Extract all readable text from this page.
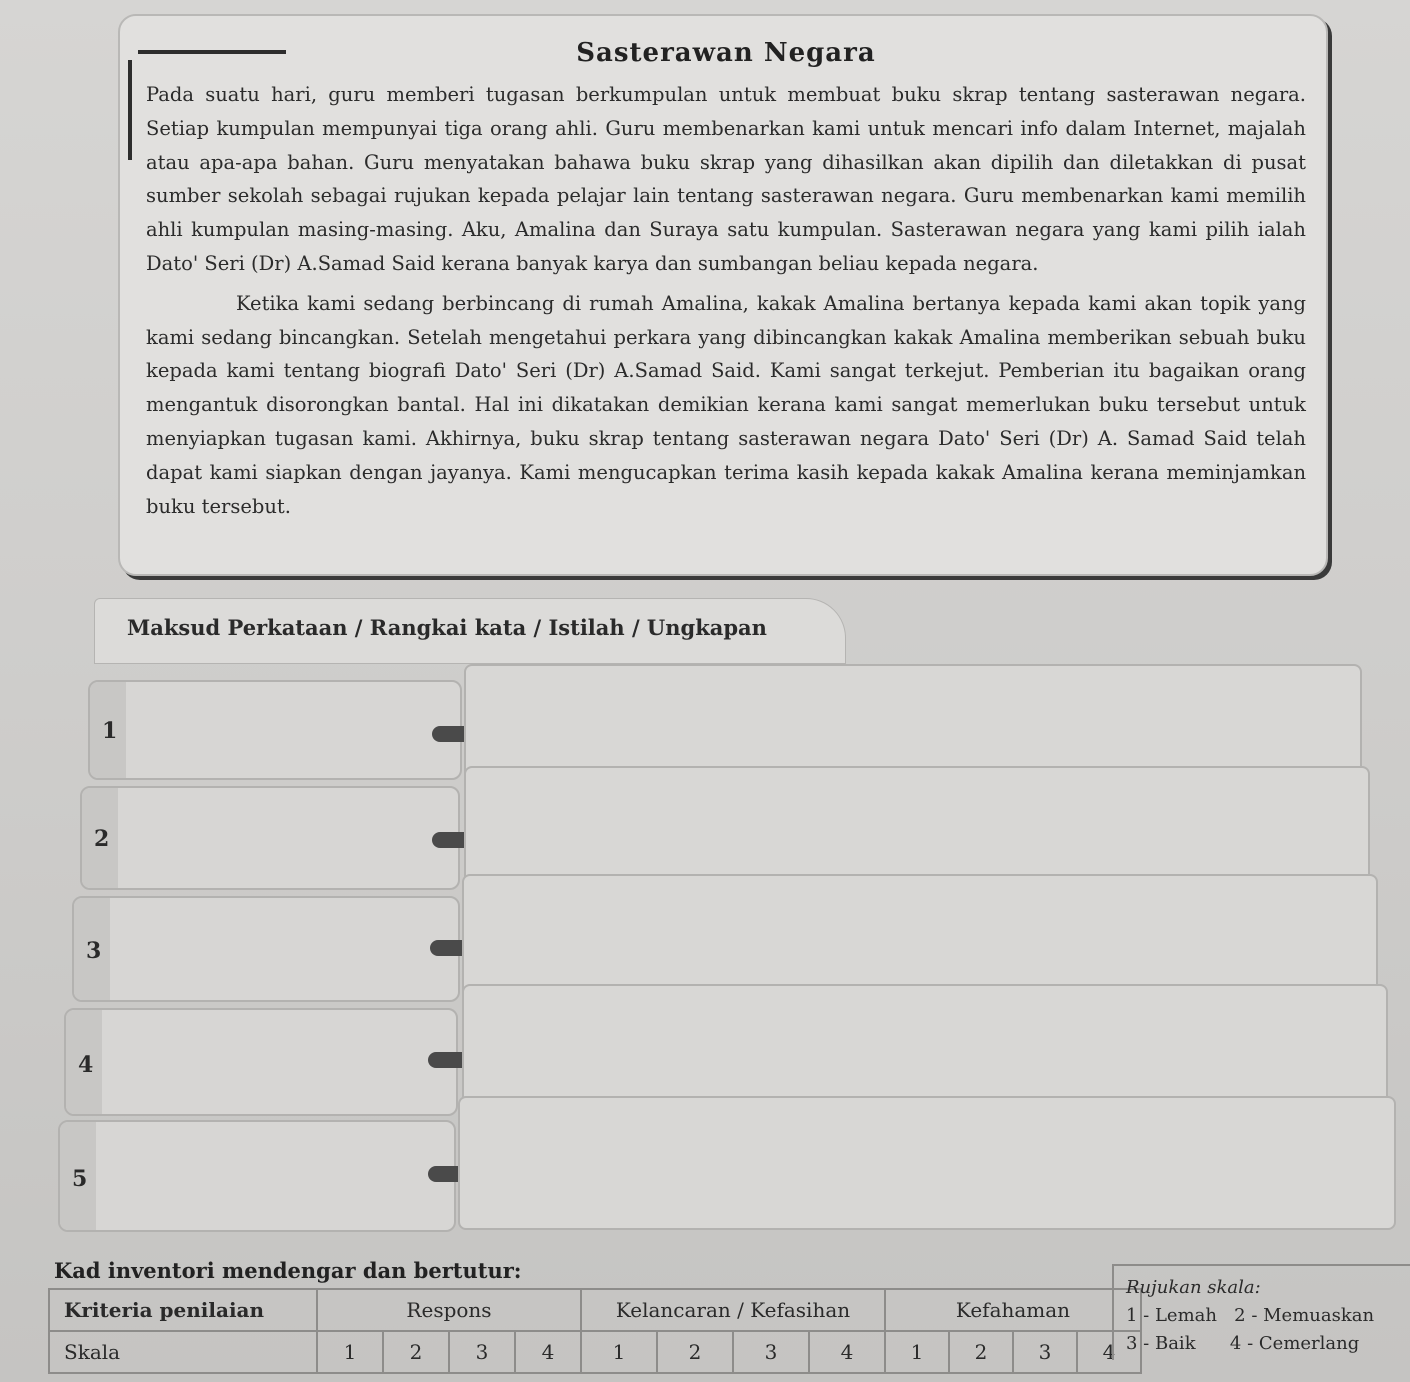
Sasterawan Negara

Pada suatu hari, guru memberi tugasan berkumpulan untuk membuat buku skrap tentang sasterawan negara. Setiap kumpulan mempunyai tiga orang ahli. Guru membenarkan kami untuk mencari info dalam Internet, majalah atau apa-apa bahan. Guru menyatakan bahawa buku skrap yang dihasilkan akan dipilih dan diletakkan di pusat sumber sekolah sebagai rujukan kepada pelajar lain tentang sasterawan negara. Guru membenarkan kami memilih ahli kumpulan masing-masing. Aku, Amalina dan Suraya satu kumpulan. Sasterawan negara yang kami pilih ialah Dato' Seri (Dr) A.Samad Said kerana banyak karya dan sumbangan beliau kepada negara.

Ketika kami sedang berbincang di rumah Amalina, kakak Amalina bertanya kepada kami akan topik yang kami sedang bincangkan. Setelah mengetahui perkara yang dibincangkan kakak Amalina memberikan sebuah buku kepada kami tentang biografi Dato' Seri (Dr) A.Samad Said. Kami sangat terkejut. Pemberian itu bagaikan orang mengantuk disorongkan bantal. Hal ini dikatakan demikian kerana kami sangat memerlukan buku tersebut untuk menyiapkan tugasan kami. Akhirnya, buku skrap tentang sasterawan negara Dato' Seri (Dr) A. Samad Said telah dapat kami siapkan dengan jayanya. Kami mengucapkan terima kasih kepada kakak Amalina kerana meminjamkan buku tersebut.

Maksud Perkataan / Rangkai kata / Istilah / Ungkapan
1
2
3
4
5
Kad inventori mendengar dan bertutur:
Kriteria penilaian	Respons				Kelancaran / Kefasihan				Kefahaman			
Skala	1	2	3	4	1	2	3	4	1	2	3	4
Rujukan skala:
1 - Lemah   2 - Memuaskan
3 - Baik      4 - Cemerlang
